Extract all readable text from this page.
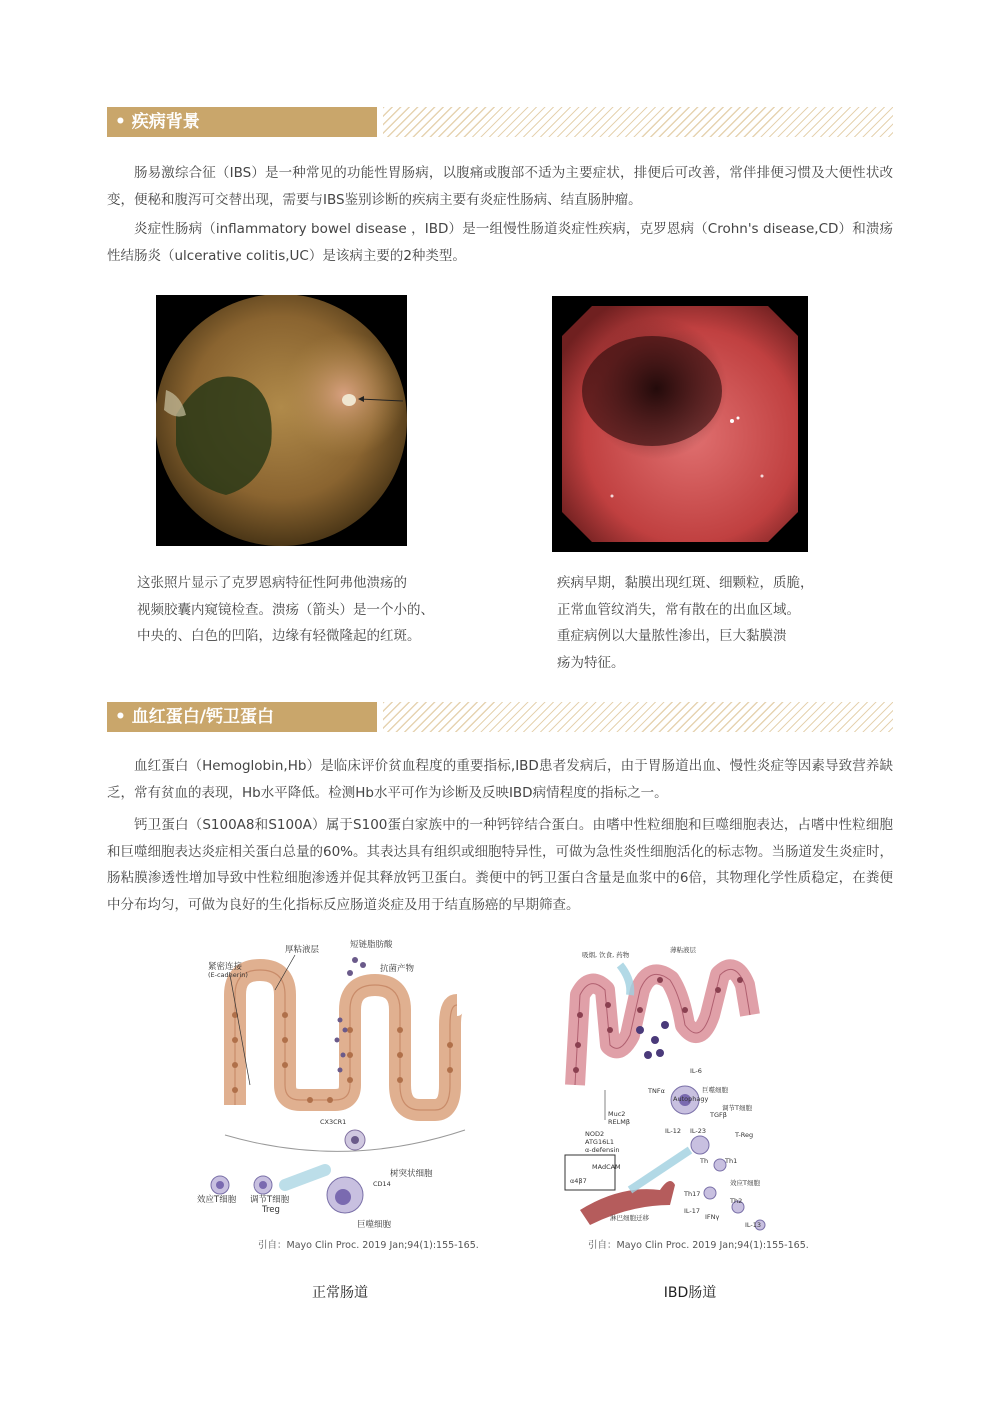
• 疾病背景

肠易激综合征（IBS）是一种常见的功能性胃肠病，以腹痛或腹部不适为主要症状，排便后可改善，常伴排便习惯及大便性状改变，便秘和腹泻可交替出现，需要与IBS鉴别诊断的疾病主要有炎症性肠病、结直肠肿瘤。

炎症性肠病（inflammatory bowel disease ，IBD）是一组慢性肠道炎症性疾病，克罗恩病（Crohn's disease,CD）和溃疡性结肠炎（ulcerative colitis,UC）是该病主要的2种类型。

这张照片显示了克罗恩病特征性阿弗他溃疡的
视频胶囊内窥镜检查。溃疡（箭头）是一个小的、
中央的、白色的凹陷，边缘有轻微隆起的红斑。
疾病早期，黏膜出现红斑、细颗粒，质脆，
正常血管纹消失，常有散在的出血区域。
重症病例以大量脓性渗出，巨大黏膜溃
疡为特征。
• 血红蛋白/钙卫蛋白

血红蛋白（Hemoglobin,Hb）是临床评价贫血程度的重要指标,IBD患者发病后，由于胃肠道出血、慢性炎症等因素导致营养缺乏，常有贫血的表现，Hb水平降低。检测Hb水平可作为诊断及反映IBD病情程度的指标之一。

钙卫蛋白（S100A8和S100A）属于S100蛋白家族中的一种钙锌结合蛋白。由嗜中性粒细胞和巨噬细胞表达，占嗜中性粒细胞和巨噬细胞表达炎症相关蛋白总量的60%。其表达具有组织或细胞特异性，可做为急性炎性细胞活化的标志物。当肠道发生炎症时，肠粘膜渗透性增加导致中性粒细胞渗透并促其释放钙卫蛋白。粪便中的钙卫蛋白含量是血浆中的6倍，其物理化学性质稳定，在粪便中分布均匀，可做为良好的生化指标反应肠道炎症及用于结直肠癌的早期筛查。

厚粘液层	短链脂肪酸
抗菌产物
紧密连接
(E-cadherin)
CX3CR1
树突状细胞
CD14
效应T细胞 调节T细胞
Treg
巨噬细胞
引自：Mayo Clin Proc. 2019 Jan;94(1):155-165.
正常肠道
吸烟, 饮食, 药物
薄粘液层
巨噬细胞
调节T细胞
效应T细胞
淋巴细胞迁移
TNFα
IL-6
TGFβ
IL-12 IL-23
Muc2
RELMβ
NOD2
ATG16L1
α-defensin
Autophagy
T-Reg
IL-17
IFNγ
IL-13
Th1
Th2
Th17
α4β7
MAdCAM
Th
引自：Mayo Clin Proc. 2019 Jan;94(1):155-165.
IBD肠道
